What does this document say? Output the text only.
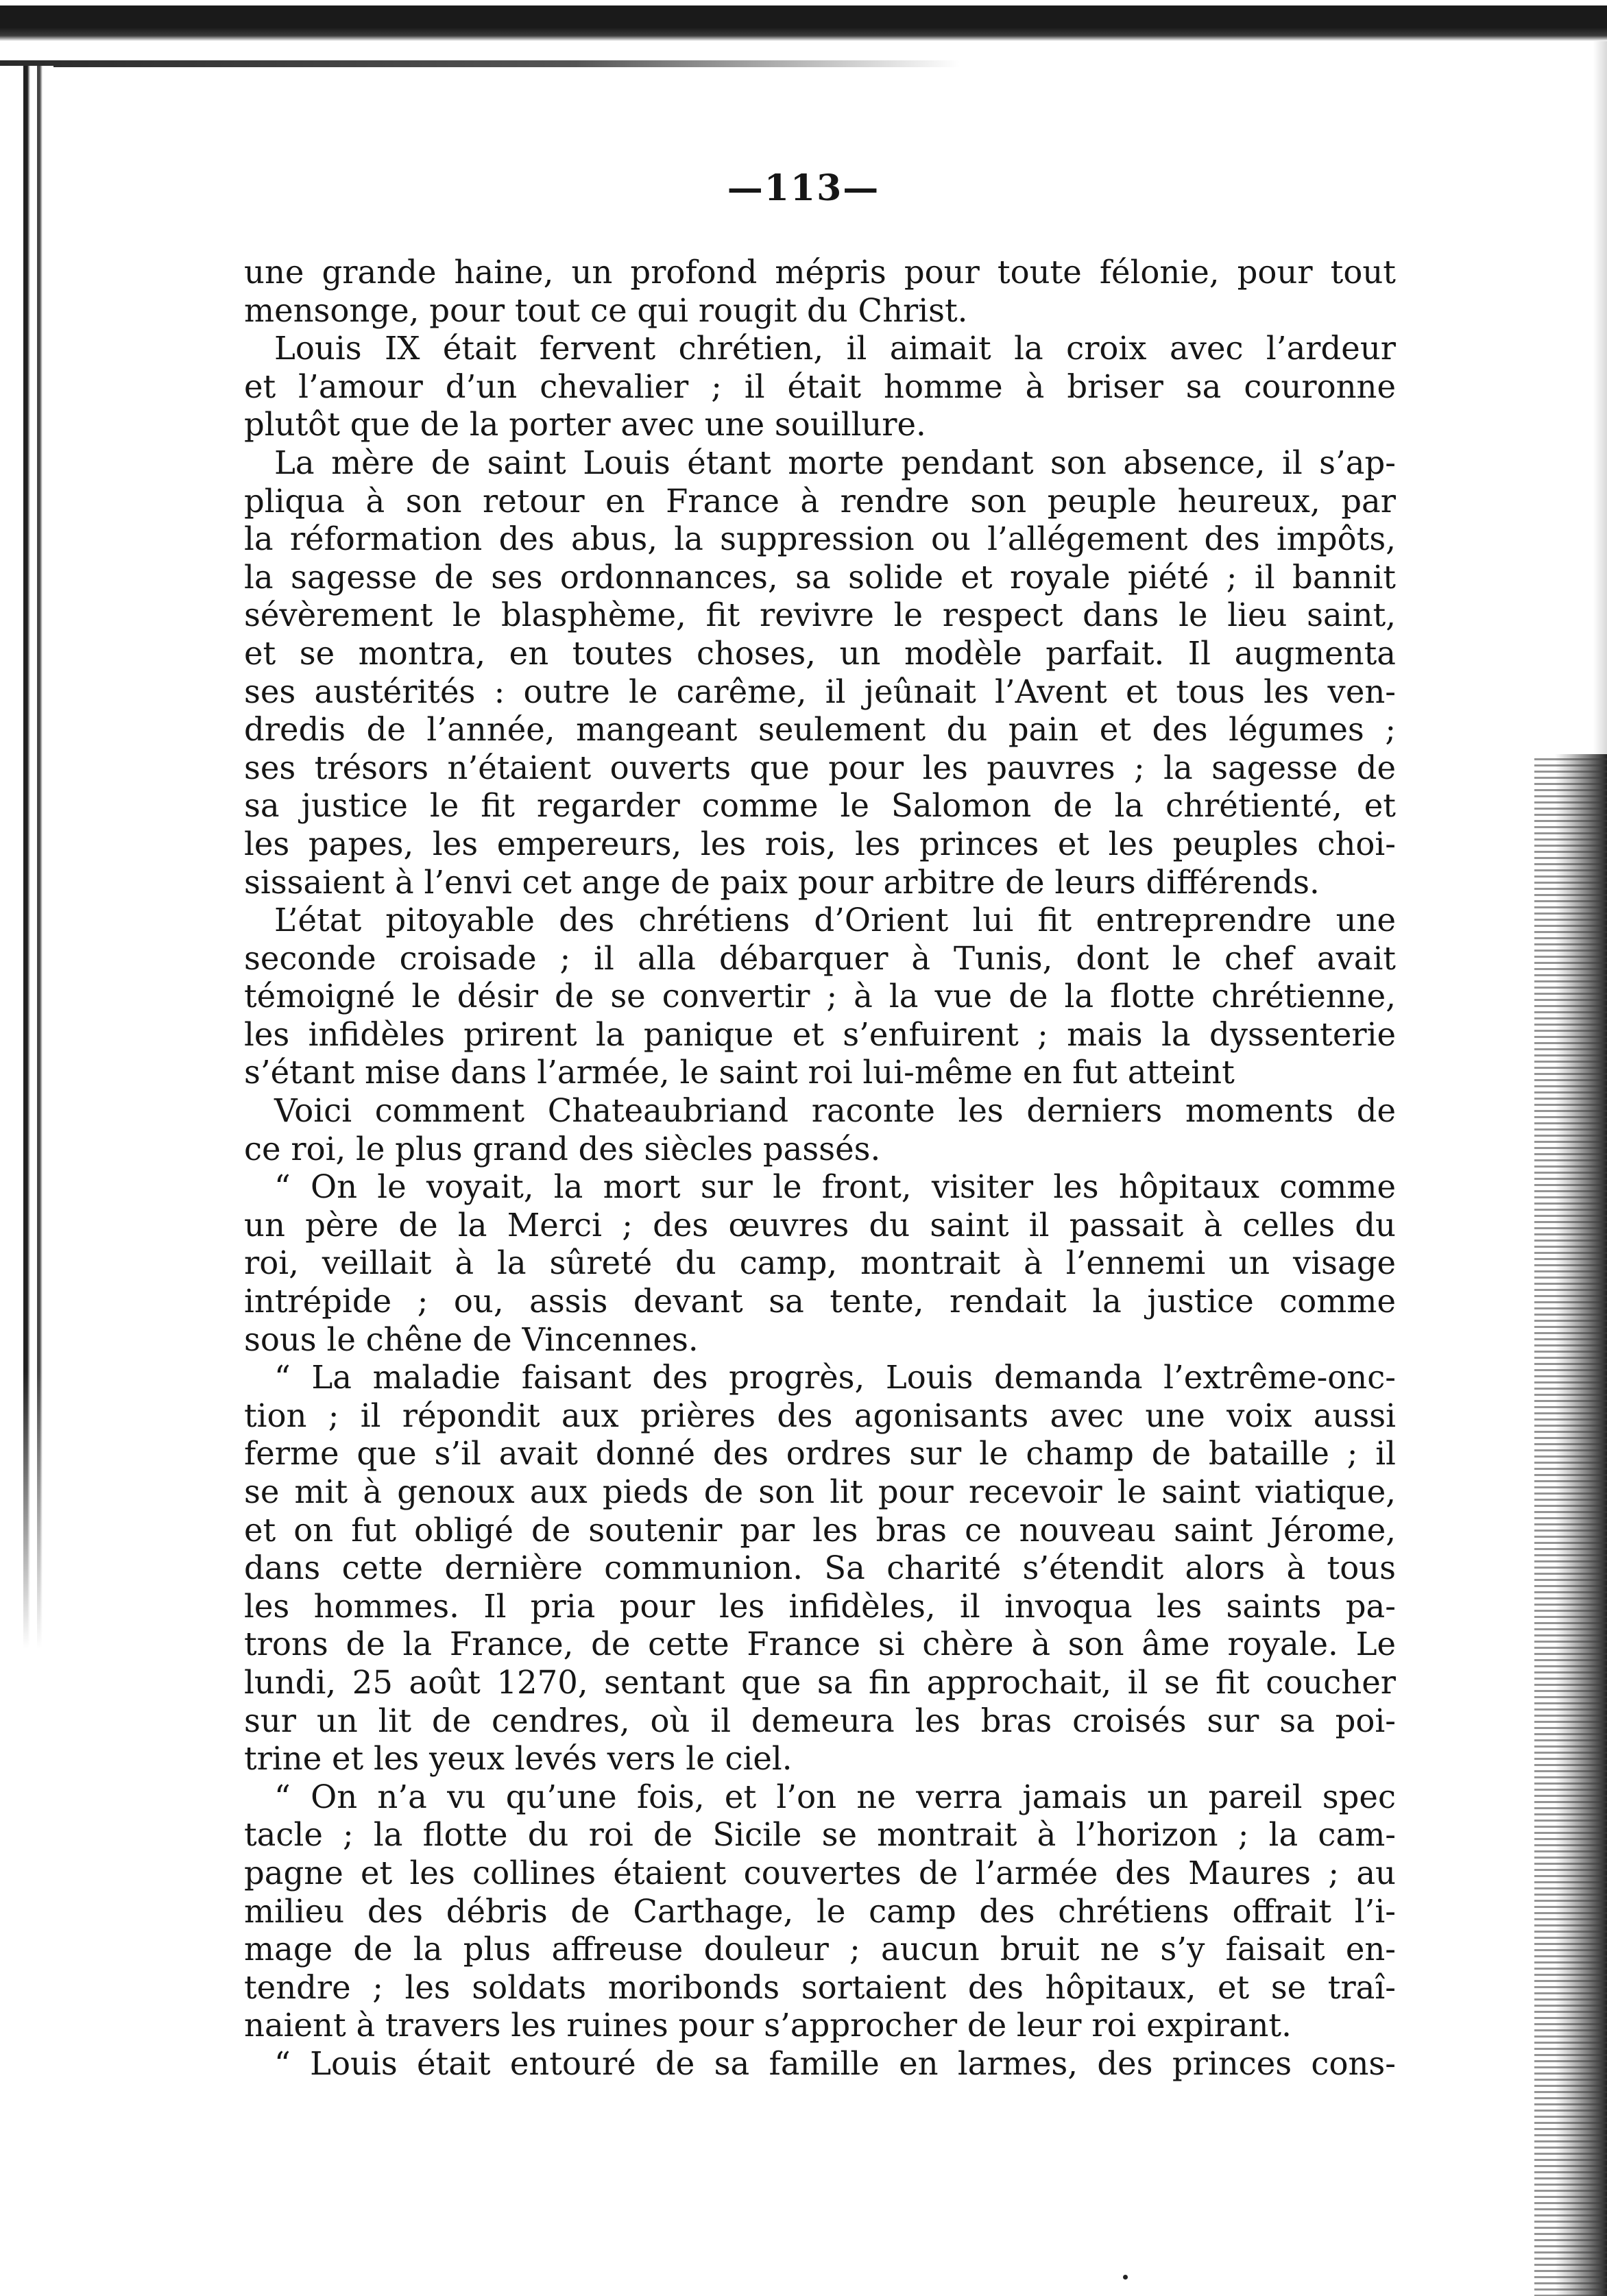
—113—
une grande haine, un profond mépris pour toute félonie, pour tout
mensonge, pour tout ce qui rougit du Christ.
Louis IX était fervent chrétien, il aimait la croix avec l’ardeur
et l’amour d’un chevalier ; il était homme à briser sa couronne
plutôt que de la porter avec une souillure.
La mère de saint Louis étant morte pendant son absence, il s’ap-
pliqua à son retour en France à rendre son peuple heureux, par
la réformation des abus, la suppression ou l’allégement des impôts,
la sagesse de ses ordonnances, sa solide et royale piété ; il bannit
sévèrement le blasphème, fit revivre le respect dans le lieu saint,
et se montra, en toutes choses, un modèle parfait. Il augmenta
ses austérités : outre le carême, il jeûnait l’Avent et tous les ven-
dredis de l’année, mangeant seulement du pain et des légumes ;
ses trésors n’étaient ouverts que pour les pauvres ; la sagesse de
sa justice le fit regarder comme le Salomon de la chrétienté, et
les papes, les empereurs, les rois, les princes et les peuples choi-
sissaient à l’envi cet ange de paix pour arbitre de leurs différends.
L’état pitoyable des chrétiens d’Orient lui fit entreprendre une
seconde croisade ; il alla débarquer à Tunis, dont le chef avait
témoigné le désir de se convertir ; à la vue de la flotte chrétienne,
les infidèles prirent la panique et s’enfuirent ; mais la dyssenterie
s’étant mise dans l’armée, le saint roi lui-même en fut atteint
Voici comment Chateaubriand raconte les derniers moments de
ce roi, le plus grand des siècles passés.
“ On le voyait, la mort sur le front, visiter les hôpitaux comme
un père de la Merci ; des œuvres du saint il passait à celles du
roi, veillait à la sûreté du camp, montrait à l’ennemi un visage
intrépide ; ou, assis devant sa tente, rendait la justice comme
sous le chêne de Vincennes.
“ La maladie faisant des progrès, Louis demanda l’extrême-onc-
tion ; il répondit aux prières des agonisants avec une voix aussi
ferme que s’il avait donné des ordres sur le champ de bataille ; il
se mit à genoux aux pieds de son lit pour recevoir le saint viatique,
et on fut obligé de soutenir par les bras ce nouveau saint Jérome,
dans cette dernière communion. Sa charité s’étendit alors à tous
les hommes. Il pria pour les infidèles, il invoqua les saints pa-
trons de la France, de cette France si chère à son âme royale. Le
lundi, 25 août 1270, sentant que sa fin approchait, il se fit coucher
sur un lit de cendres, où il demeura les bras croisés sur sa poi-
trine et les yeux levés vers le ciel.
“ On n’a vu qu’une fois, et l’on ne verra jamais un pareil spec
tacle ; la flotte du roi de Sicile se montrait à l’horizon ; la cam-
pagne et les collines étaient couvertes de l’armée des Maures ; au
milieu des débris de Carthage, le camp des chrétiens offrait l’i-
mage de la plus affreuse douleur ; aucun bruit ne s’y faisait en-
tendre ; les soldats moribonds sortaient des hôpitaux, et se traî-
naient à travers les ruines pour s’approcher de leur roi expirant.
“ Louis était entouré de sa famille en larmes, des princes cons-
